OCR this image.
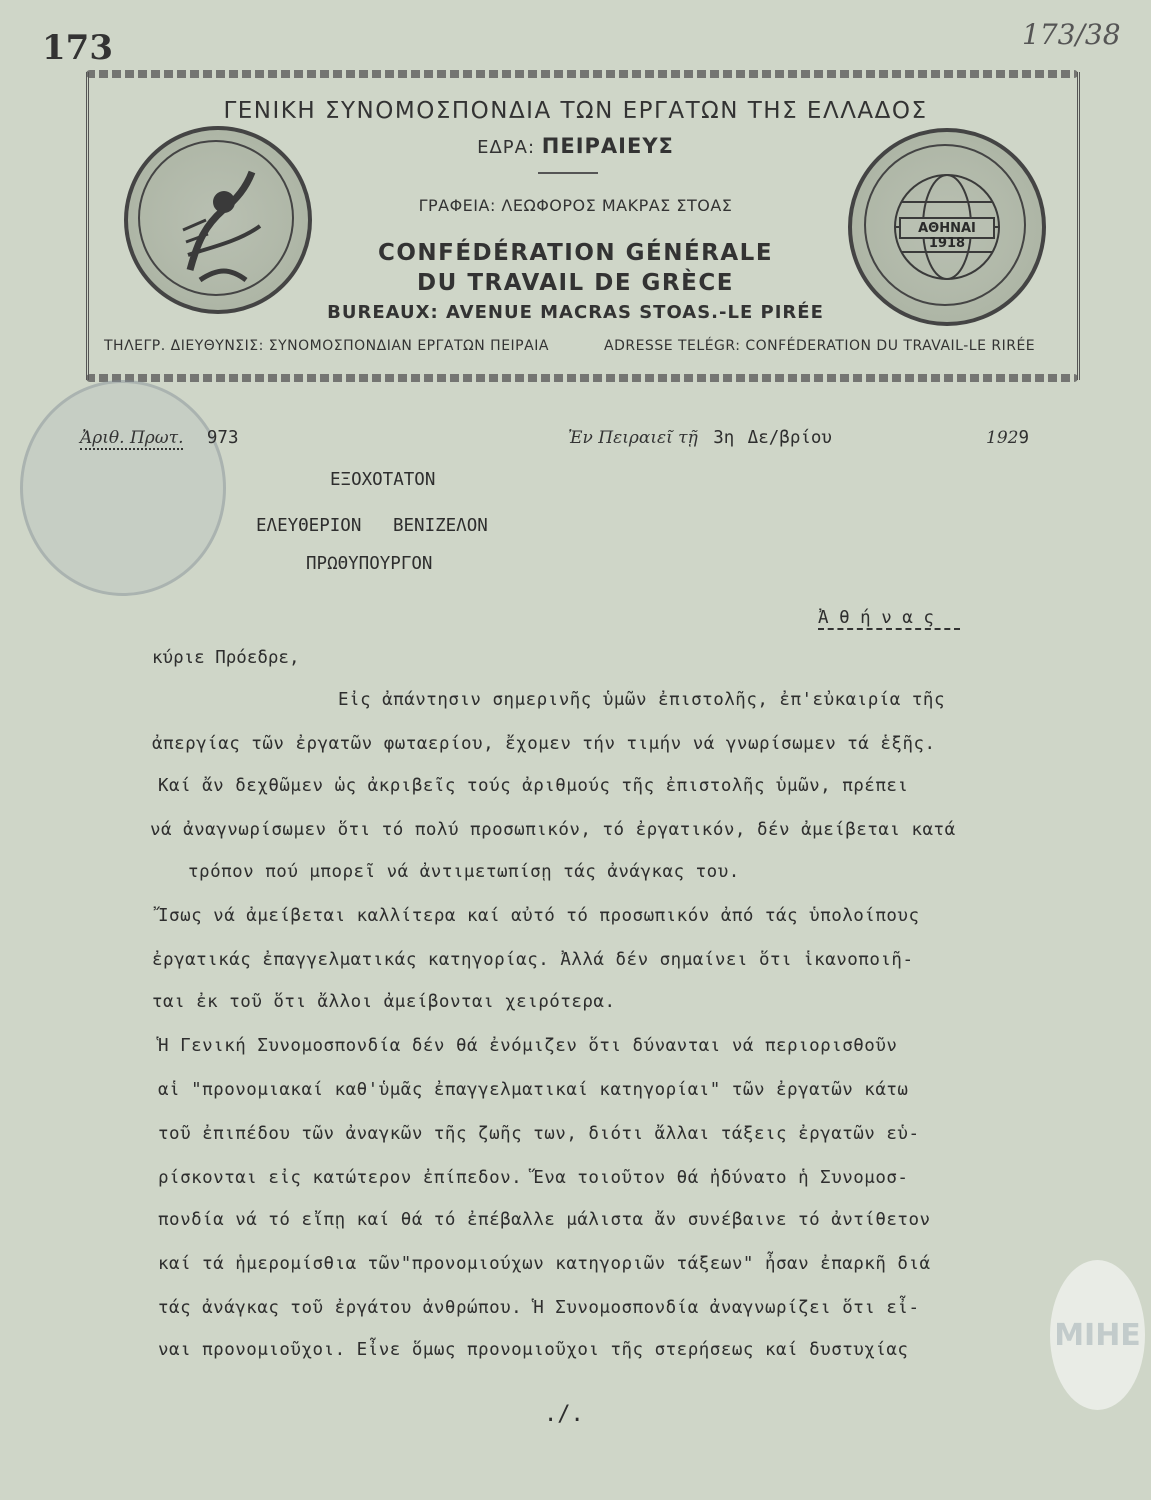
173	173/38
ΑΘΗΝΑΙ 1918
ΓΕΝΙΚΗ ΣΥΝΟΜΟΣΠΟΝΔΙΑ ΤΩΝ ΕΡΓΑΤΩΝ ΤΗΣ ΕΛΛΑΔΟΣ
ΕΔΡΑ: ΠΕΙΡΑΙΕΥΣ
ΓΡΑΦΕΙΑ: ΛΕΩΦΟΡΟΣ ΜΑΚΡΑΣ ΣΤΟΑΣ
CONFÉDÉRATION GÉNÉRALE
DU TRAVAIL DE GRÈCE
BUREAUX: AVENUE MACRAS STOAS.-LE PIRÉE
ΤΗΛΕΓΡ. ΔΙΕΥΘΥΝΣΙΣ: ΣΥΝΟΜΟΣΠΟΝΔΙΑΝ ΕΡΓΑΤΩΝ ΠΕΙΡΑΙΑ	ADRESSE TELÉGR: CONFÉDERATION DU TRAVAIL-LE RIRÉE
Ἀριθ. Πρωτ. 973	Ἐν Πειραιεῖ τῇ 3η Δε/βρίου	1929
ΕΞΟΧΟΤΑΤΟΝ
ΕΛΕΥΘΕΡΙΟΝ   ΒΕΝΙΖΕΛΟΝ
ΠΡΩΘΥΠΟΥΡΓΟΝ
Ἀ θ ή ν α ς
κύριε Πρόεδρε,
Εἰς ἀπάντησιν σημερινῆς ὑμῶν ἐπιστολῆς, ἐπ'εὐκαιρία τῆς
ἀπεργίας τῶν ἐργατῶν φωταερίου, ἔχομεν τήν τιμήν νά γνωρίσωμεν τά ἑξῆς.
Καί ἄν δεχθῶμεν ὡς ἀκριβεῖς τούς ἀριθμούς τῆς ἐπιστολῆς ὑμῶν, πρέπει
νά ἀναγνωρίσωμεν ὅτι τό πολύ προσωπικόν, τό ἐργατικόν, δέν ἀμείβεται κατά
τρόπον πού μπορεῖ νά ἀντιμετωπίσῃ τάς ἀνάγκας του.
Ἴσως νά ἀμείβεται καλλίτερα καί αὐτό τό προσωπικόν ἀπό τάς ὑπολοίπους
ἐργατικάς ἐπαγγελματικάς κατηγορίας. Ἀλλά δέν σημαίνει ὅτι ἱκανοποιῆ-
ται ἐκ τοῦ ὅτι ἄλλοι ἀμείβονται χειρότερα.
Ἡ Γενική Συνομοσπονδία δέν θά ἐνόμιζεν ὅτι δύνανται νά περιορισθοῦν
αἱ "προνομιακαί καθ'ὑμᾶς ἐπαγγελματικαί κατηγορίαι" τῶν ἐργατῶν κάτω
τοῦ ἐπιπέδου τῶν ἀναγκῶν τῆς ζωῆς των, διότι ἄλλαι τάξεις ἐργατῶν εὑ-
ρίσκονται εἰς κατώτερον ἐπίπεδον. Ἕνα τοιοῦτον θά ἠδύνατο ἡ Συνομοσ-
πονδία νά τό εἴπῃ καί θά τό ἐπέβαλλε μάλιστα ἄν συνέβαινε τό ἀντίθετον
καί τά ἡμερομίσθια τῶν"προνομιούχων κατηγοριῶν τάξεων" ἦσαν ἐπαρκῆ διά
τάς ἀνάγκας τοῦ ἐργάτου ἀνθρώπου. Ἡ Συνομοσπονδία ἀναγνωρίζει ὅτι εἶ-
ναι προνομιοῦχοι. Εἶνε ὅμως προνομιοῦχοι τῆς στερήσεως καί δυστυχίας
./.
ΜΙΗΕ
